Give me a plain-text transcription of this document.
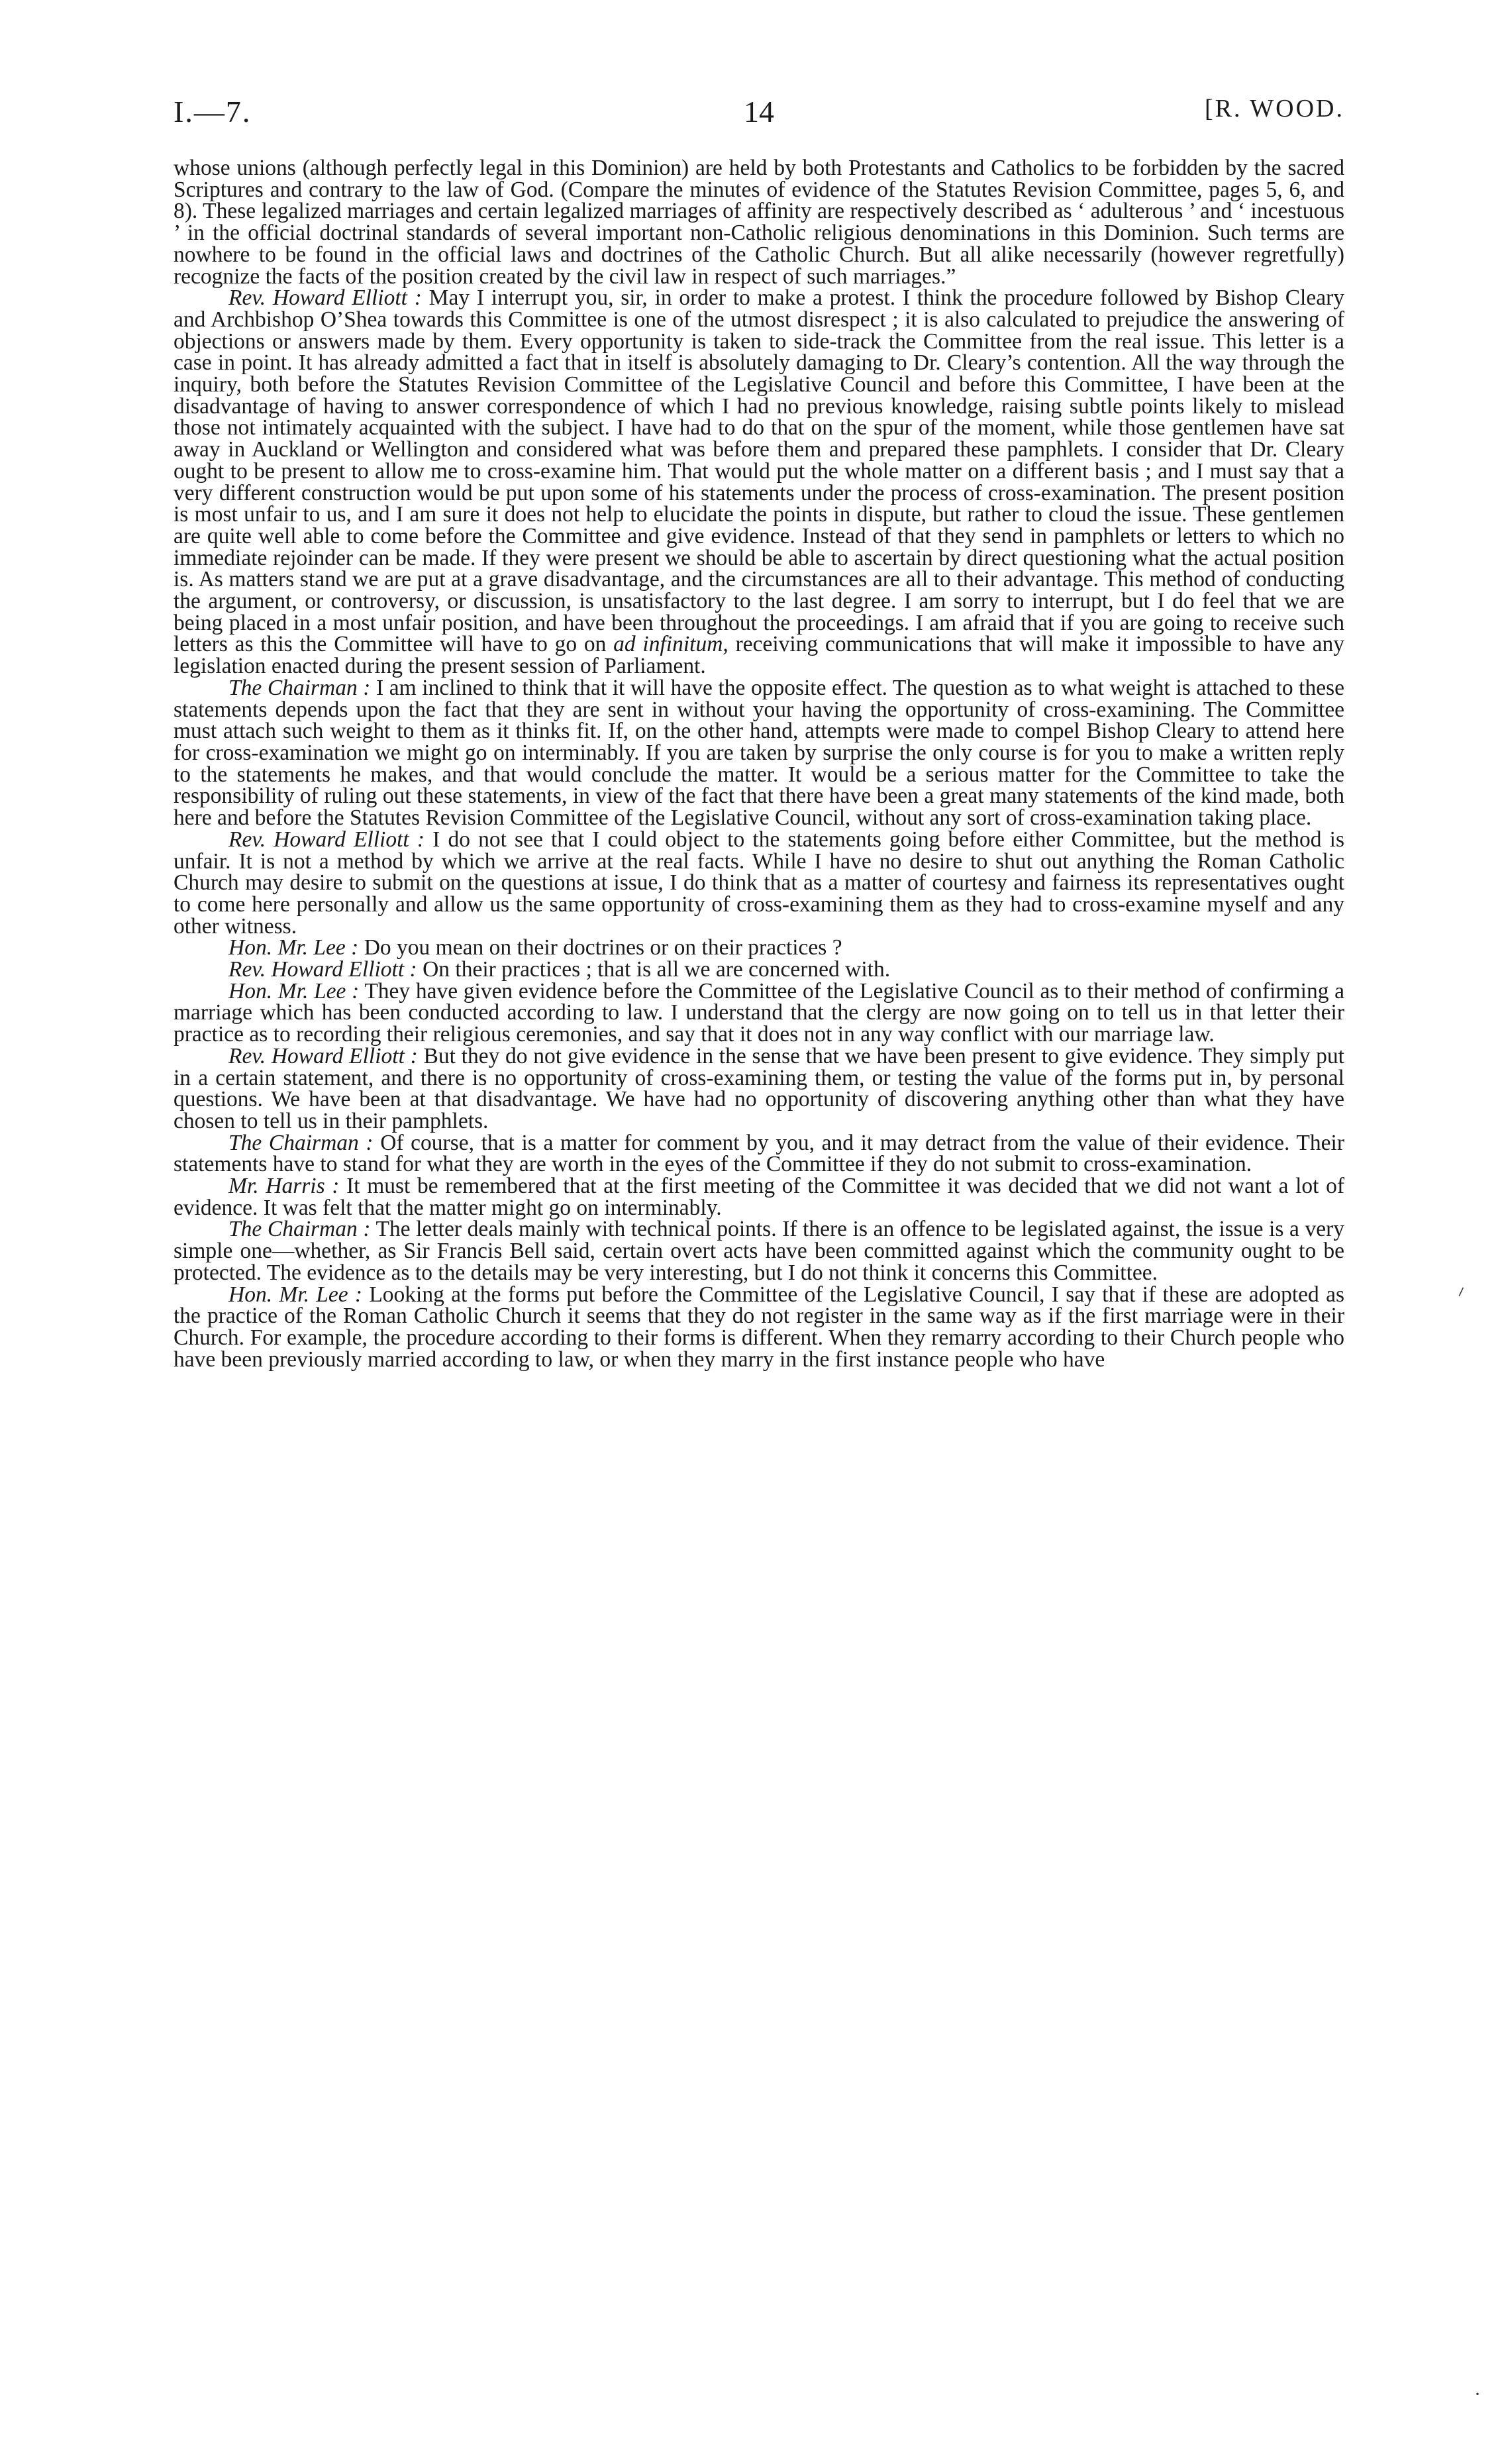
I.—7.	14	[R. WOOD.

whose unions (although perfectly legal in this Dominion) are held by both Protestants and Catholics to be forbidden by the sacred Scriptures and contrary to the law of God. (Compare the minutes of evidence of the Statutes Revision Committee, pages 5, 6, and 8). These legalized marriages and certain legalized marriages of affinity are respectively described as ‘ adulterous ’ and ‘ incestuous ’ in the official doctrinal standards of several important non-Catholic religious denominations in this Dominion. Such terms are nowhere to be found in the official laws and doctrines of the Catholic Church. But all alike necessarily (however regretfully) recognize the facts of the position created by the civil law in respect of such marriages.”

Rev. Howard Elliott : May I interrupt you, sir, in order to make a protest. I think the procedure followed by Bishop Cleary and Archbishop O’Shea towards this Committee is one of the utmost disrespect ; it is also calculated to prejudice the answering of objections or answers made by them. Every opportunity is taken to side-track the Committee from the real issue. This letter is a case in point. It has already admitted a fact that in itself is absolutely damaging to Dr. Cleary’s contention. All the way through the inquiry, both before the Statutes Revision Committee of the Legislative Council and before this Committee, I have been at the disadvantage of having to answer correspondence of which I had no previous knowledge, raising subtle points likely to mislead those not intimately acquainted with the subject. I have had to do that on the spur of the moment, while those gentlemen have sat away in Auckland or Wellington and considered what was before them and prepared these pamphlets. I consider that Dr. Cleary ought to be present to allow me to cross-examine him. That would put the whole matter on a different basis ; and I must say that a very different construction would be put upon some of his statements under the process of cross-examination. The present position is most unfair to us, and I am sure it does not help to elucidate the points in dispute, but rather to cloud the issue. These gentlemen are quite well able to come before the Committee and give evidence. Instead of that they send in pamphlets or letters to which no immediate rejoinder can be made. If they were present we should be able to ascertain by direct questioning what the actual position is. As matters stand we are put at a grave disadvantage, and the circumstances are all to their advantage. This method of conducting the argument, or controversy, or discussion, is unsatisfactory to the last degree. I am sorry to interrupt, but I do feel that we are being placed in a most unfair position, and have been throughout the proceedings. I am afraid that if you are going to receive such letters as this the Committee will have to go on ad infinitum, receiving communications that will make it impossible to have any legislation enacted during the present session of Parliament.

The Chairman : I am inclined to think that it will have the opposite effect. The question as to what weight is attached to these statements depends upon the fact that they are sent in without your having the opportunity of cross-examining. The Committee must attach such weight to them as it thinks fit. If, on the other hand, attempts were made to compel Bishop Cleary to attend here for cross-examination we might go on interminably. If you are taken by surprise the only course is for you to make a written reply to the statements he makes, and that would conclude the matter. It would be a serious matter for the Committee to take the responsibility of ruling out these statements, in view of the fact that there have been a great many statements of the kind made, both here and before the Statutes Revision Committee of the Legislative Council, without any sort of cross-examination taking place.

Rev. Howard Elliott : I do not see that I could object to the statements going before either Committee, but the method is unfair. It is not a method by which we arrive at the real facts. While I have no desire to shut out anything the Roman Catholic Church may desire to submit on the questions at issue, I do think that as a matter of courtesy and fairness its representatives ought to come here personally and allow us the same opportunity of cross-examining them as they had to cross-examine myself and any other witness.

Hon. Mr. Lee : Do you mean on their doctrines or on their practices ?

Rev. Howard Elliott : On their practices ; that is all we are concerned with.

Hon. Mr. Lee : They have given evidence before the Committee of the Legislative Council as to their method of confirming a marriage which has been conducted according to law. I understand that the clergy are now going on to tell us in that letter their practice as to recording their religious ceremonies, and say that it does not in any way conflict with our marriage law.

Rev. Howard Elliott : But they do not give evidence in the sense that we have been present to give evidence. They simply put in a certain statement, and there is no opportunity of cross-examining them, or testing the value of the forms put in, by personal questions. We have been at that disadvantage. We have had no opportunity of discovering anything other than what they have chosen to tell us in their pamphlets.

The Chairman : Of course, that is a matter for comment by you, and it may detract from the value of their evidence. Their statements have to stand for what they are worth in the eyes of the Committee if they do not submit to cross-examination.

Mr. Harris : It must be remembered that at the first meeting of the Committee it was decided that we did not want a lot of evidence. It was felt that the matter might go on interminably.

The Chairman : The letter deals mainly with technical points. If there is an offence to be legislated against, the issue is a very simple one—whether, as Sir Francis Bell said, certain overt acts have been committed against which the community ought to be protected. The evidence as to the details may be very interesting, but I do not think it concerns this Committee.

Hon. Mr. Lee : Looking at the forms put before the Committee of the Legislative Council, I say that if these are adopted as the practice of the Roman Catholic Church it seems that they do not register in the same way as if the first marriage were in their Church. For example, the procedure according to their forms is different. When they remarry according to their Church people who have been previously married according to law, or when they marry in the first instance people who have

⸝
·
